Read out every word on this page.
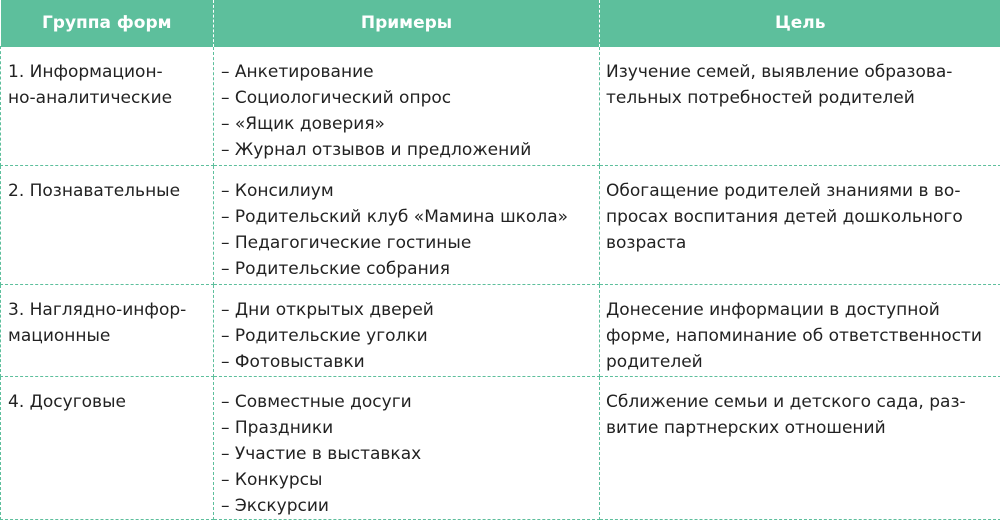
Группа форм	Примеры	Цель

1. Информацион-
но-аналитические	– Анкетирование
– Социологический опрос
– «Ящик доверия»
– Журнал отзывов и предложений	Изучение семей, выявление образова-
тельных потребностей родителей

2. Познавательные	– Консилиум
– Родительский клуб «Мамина школа»
– Педагогические гостиные
– Родительские собрания	Обогащение родителей знаниями в во-
просах воспитания детей дошкольного
возраста

3. Наглядно-инфор-
мационные	– Дни открытых дверей
– Родительские уголки
– Фотовыставки	Донесение информации в доступной
форме, напоминание об ответственности
родителей

4. Досуговые	– Совместные досуги
– Праздники
– Участие в выставках
– Конкурсы
– Экскурсии	Сближение семьи и детского сада, раз-
витие партнерских отношений
